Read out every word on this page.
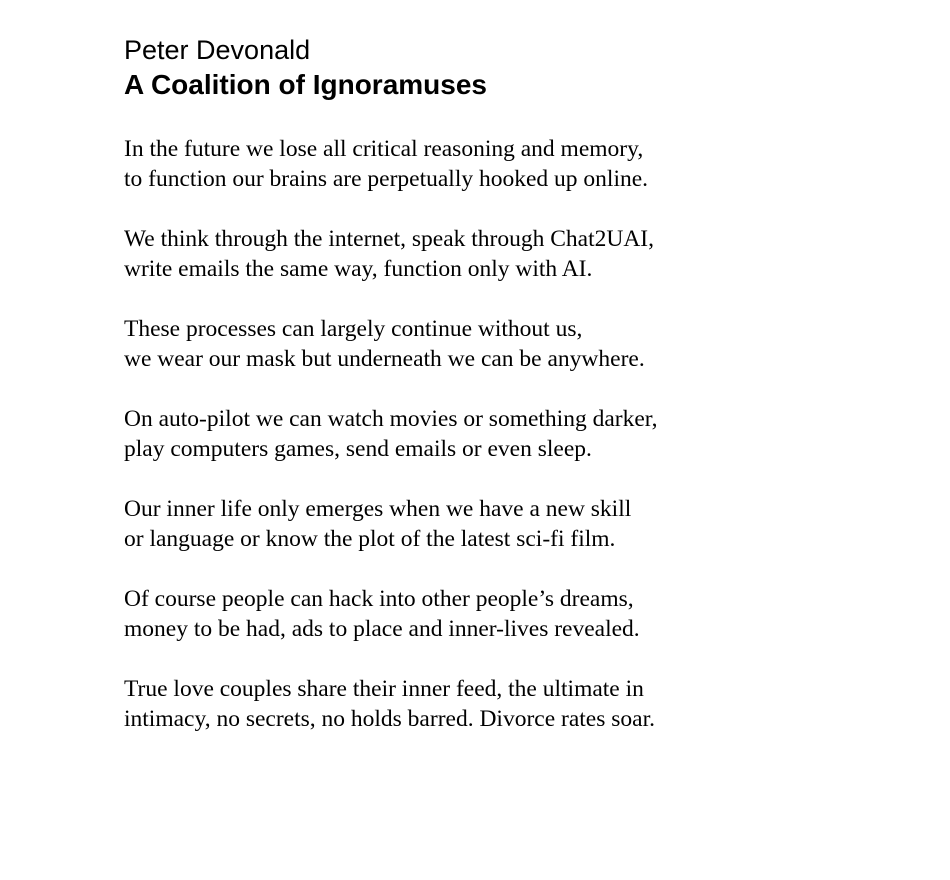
Peter Devonald
A Coalition of Ignoramuses
In the future we lose all critical reasoning and memory,
to function our brains are perpetually hooked up online.
We think through the internet, speak through Chat2UAI,
write emails the same way, function only with AI.
These processes can largely continue without us,
we wear our mask but underneath we can be anywhere.
On auto-pilot we can watch movies or something darker,
play computers games, send emails or even sleep.
Our inner life only emerges when we have a new skill
or language or know the plot of the latest sci-fi film.
Of course people can hack into other people’s dreams,
money to be had, ads to place and inner-lives revealed.
True love couples share their inner feed, the ultimate in
intimacy, no secrets, no holds barred. Divorce rates soar.
